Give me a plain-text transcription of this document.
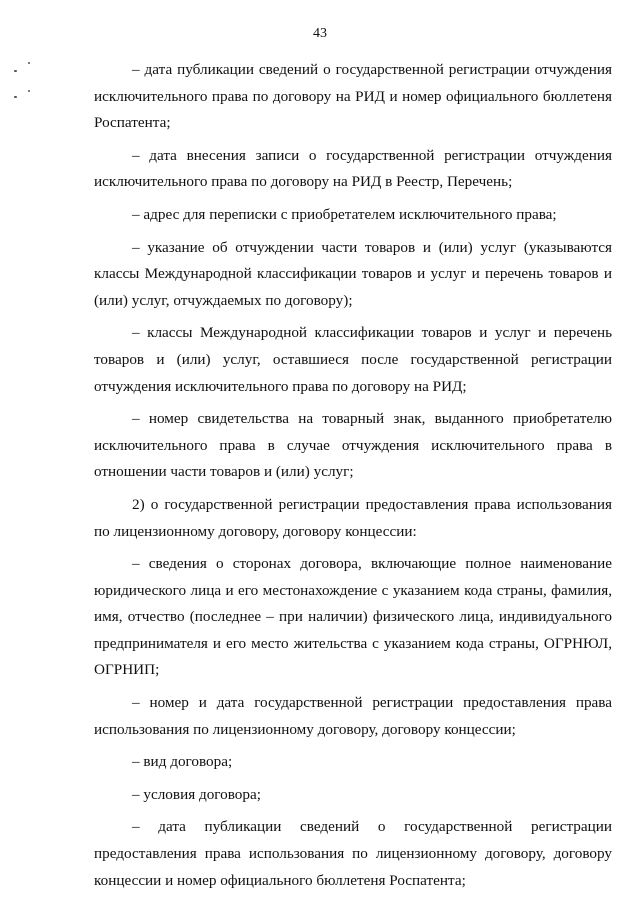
43

– дата публикации сведений о государственной регистрации отчуждения исключительного права по договору на РИД и номер официального бюллетеня Роспатента;

– дата внесения записи о государственной регистрации отчуждения исключительного права по договору на РИД в Реестр, Перечень;

– адрес для переписки с приобретателем исключительного права;

– указание об отчуждении части товаров и (или) услуг (указываются классы Международной классификации товаров и услуг и перечень товаров и (или) услуг, отчуждаемых по договору);

– классы Международной классификации товаров и услуг и перечень товаров и (или) услуг, оставшиеся после государственной регистрации отчуждения исключительного права по договору на РИД;

– номер свидетельства на товарный знак, выданного приобретателю исключительного права в случае отчуждения исключительного права в отношении части товаров и (или) услуг;

2) о государственной регистрации предоставления права использования по лицензионному договору, договору концессии:

– сведения о сторонах договора, включающие полное наименование юридического лица и его местонахождение с указанием кода страны, фамилия, имя, отчество (последнее – при наличии) физического лица, индивидуального предпринимателя и его место жительства с указанием кода страны, ОГРНЮЛ, ОГРНИП;

– номер и дата государственной регистрации предоставления права использования по лицензионному договору, договору концессии;

– вид договора;

– условия договора;

– дата публикации сведений о государственной регистрации предоставления права использования по лицензионному договору, договору концессии и номер официального бюллетеня Роспатента;
